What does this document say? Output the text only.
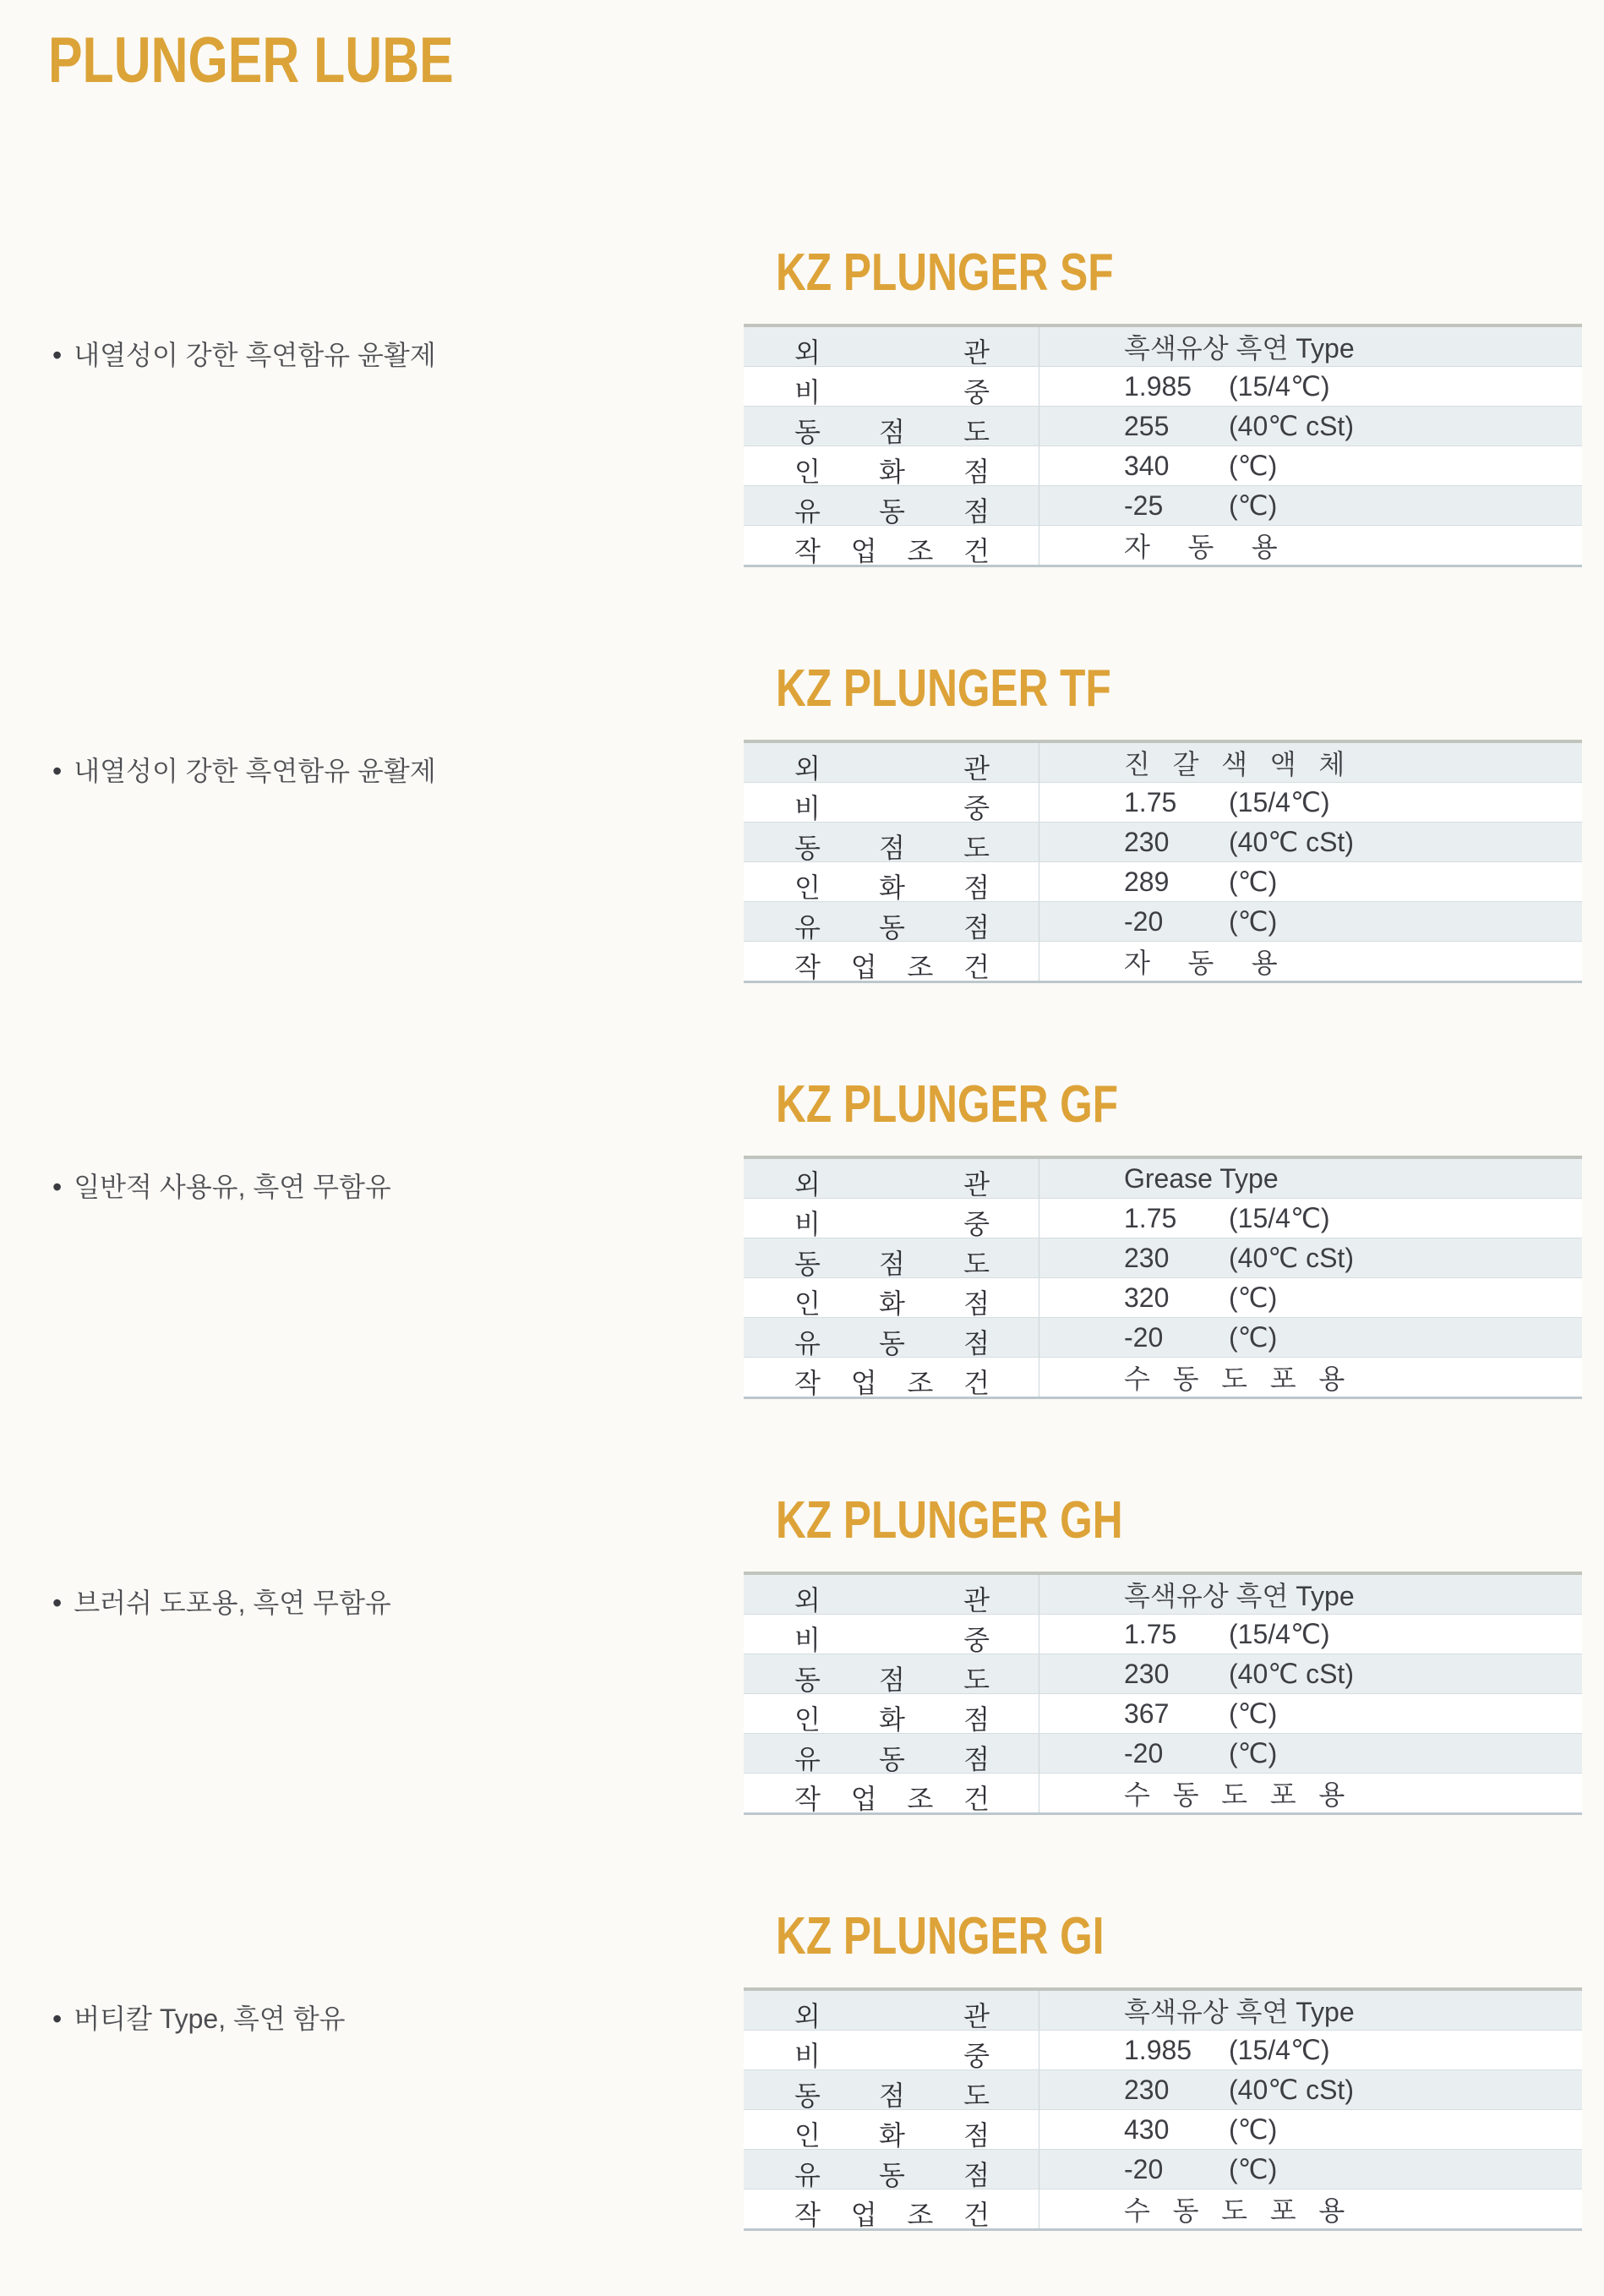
PLUNGER LUBE
• 내열성이 강한 흑연함유 윤활제
KZ PLUNGER SF
외 관	흑색유상 흑연 Type
비 중	1.985	(15/4℃)
동 점 도	255	(40℃ cSt)
인 화 점	340	(℃)
유 동 점	-25	(℃)
작 업 조 건	자     동     용
• 내열성이 강한 흑연함유 윤활제
KZ PLUNGER TF
외 관	진   갈   색   액   체
비 중	1.75	(15/4℃)
동 점 도	230	(40℃ cSt)
인 화 점	289	(℃)
유 동 점	-20	(℃)
작 업 조 건	자     동     용
• 일반적 사용유, 흑연 무함유
KZ PLUNGER GF
외 관	Grease Type
비 중	1.75	(15/4℃)
동 점 도	230	(40℃ cSt)
인 화 점	320	(℃)
유 동 점	-20	(℃)
작 업 조 건	수   동   도   포   용
• 브러쉬 도포용, 흑연 무함유
KZ PLUNGER GH
외 관	흑색유상 흑연 Type
비 중	1.75	(15/4℃)
동 점 도	230	(40℃ cSt)
인 화 점	367	(℃)
유 동 점	-20	(℃)
작 업 조 건	수   동   도   포   용
• 버티칼 Type, 흑연 함유
KZ PLUNGER GI
외 관	흑색유상 흑연 Type
비 중	1.985	(15/4℃)
동 점 도	230	(40℃ cSt)
인 화 점	430	(℃)
유 동 점	-20	(℃)
작 업 조 건	수   동   도   포   용
